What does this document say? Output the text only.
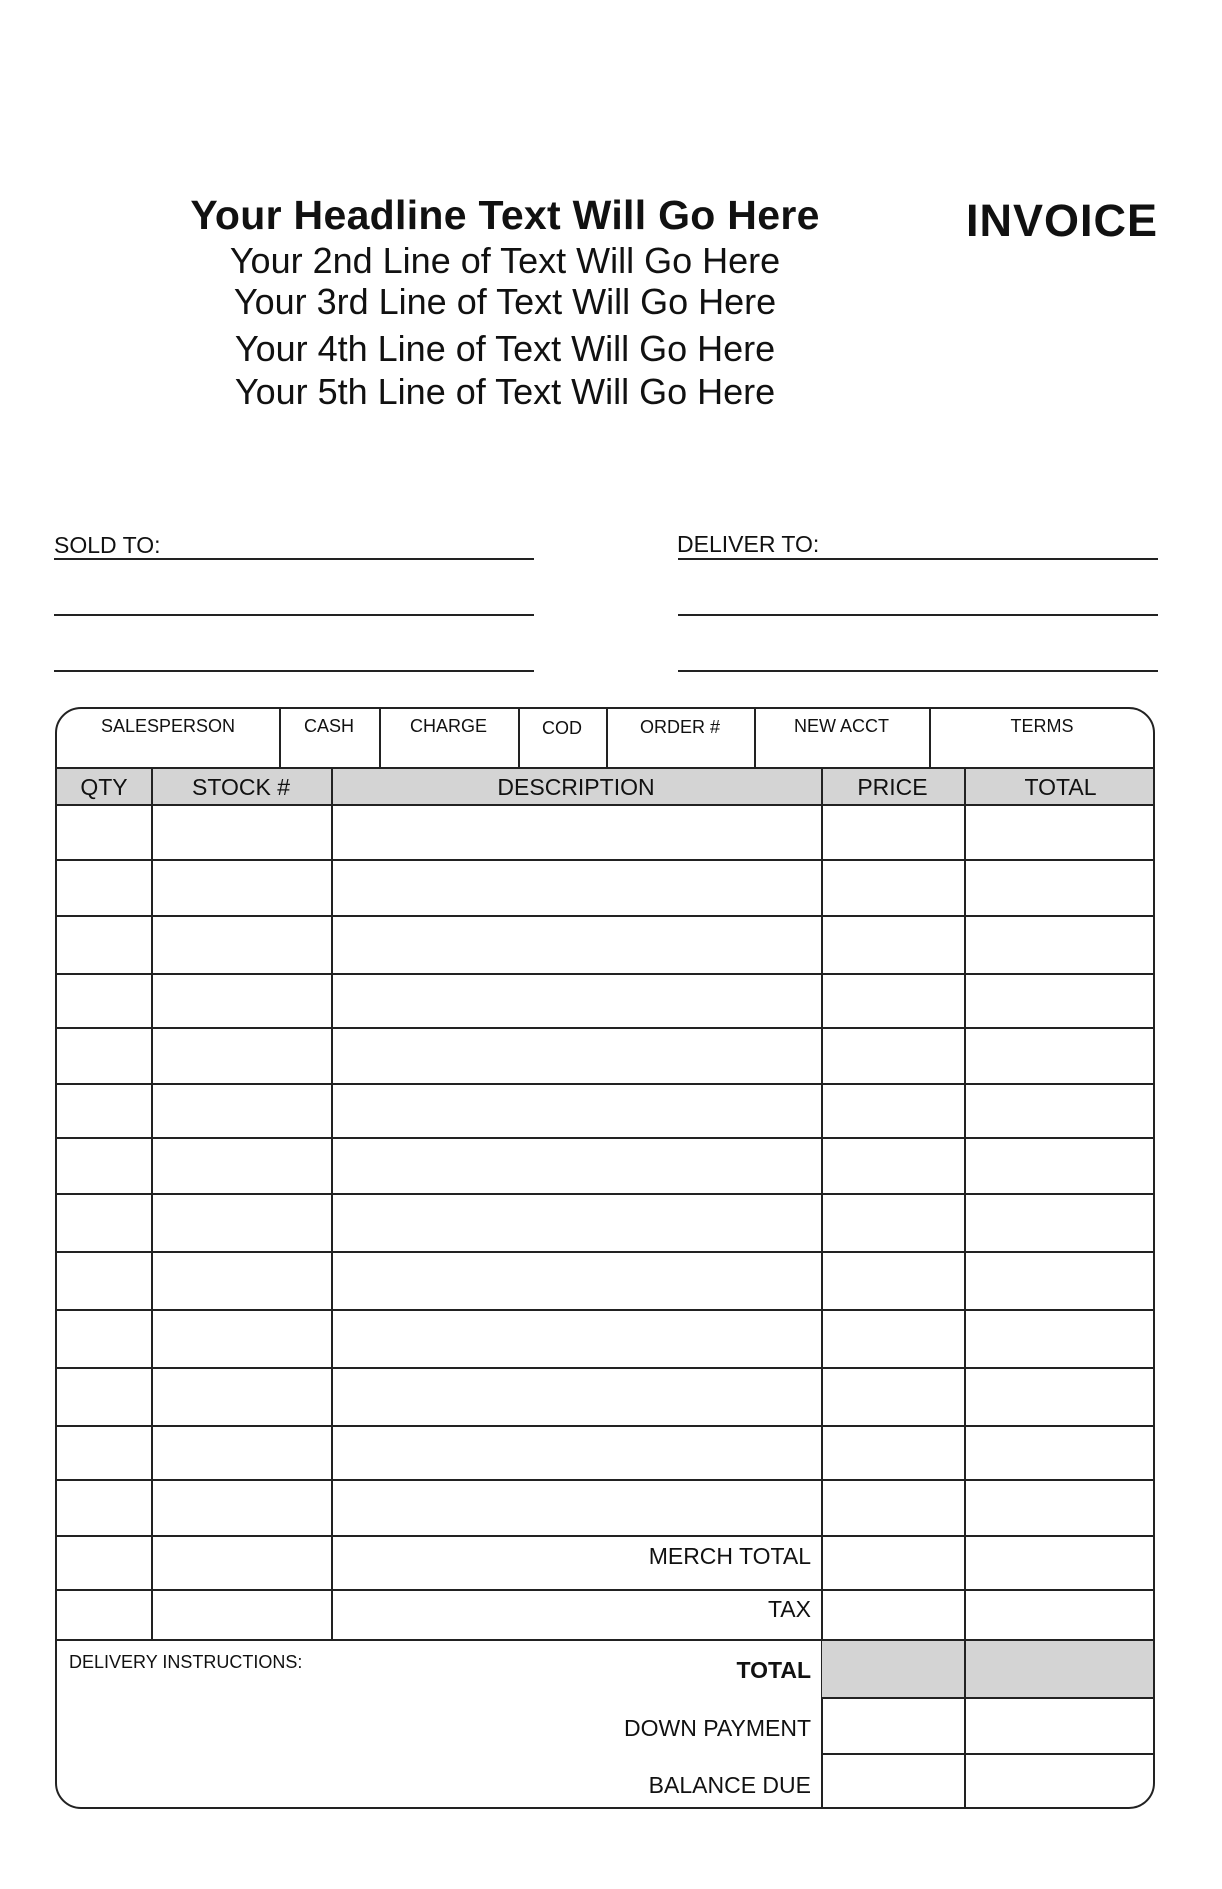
Your Headline Text Will Go Here
Your 2nd Line of Text Will Go Here
Your 3rd Line of Text Will Go Here
Your 4th Line of Text Will Go Here
Your 5th Line of Text Will Go Here
INVOICE
SOLD TO:	DELIVER TO:
SALESPERSON	CASH	CHARGE	COD	ORDER #	NEW ACCT	TERMS
QTY	STOCK #	DESCRIPTION	PRICE	TOTAL
MERCH TOTAL
TAX
DELIVERY INSTRUCTIONS:	TOTAL
DOWN PAYMENT
BALANCE DUE
